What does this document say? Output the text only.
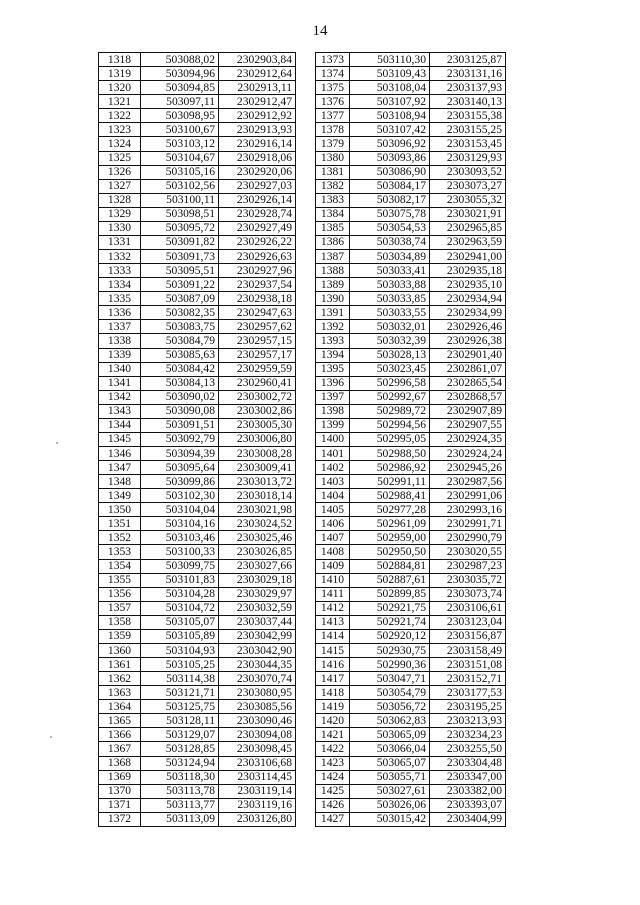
14
1318	503088,02	2302903,84
1319	503094,96	2302912,64
1320	503094,85	2302913,11
1321	503097,11	2302912,47
1322	503098,95	2302912,92
1323	503100,67	2302913,93
1324	503103,12	2302916,14
1325	503104,67	2302918,06
1326	503105,16	2302920,06
1327	503102,56	2302927,03
1328	503100,11	2302926,14
1329	503098,51	2302928,74
1330	503095,72	2302927,49
1331	503091,82	2302926,22
1332	503091,73	2302926,63
1333	503095,51	2302927,96
1334	503091,22	2302937,54
1335	503087,09	2302938,18
1336	503082,35	2302947,63
1337	503083,75	2302957,62
1338	503084,79	2302957,15
1339	503085,63	2302957,17
1340	503084,42	2302959,59
1341	503084,13	2302960,41
1342	503090,02	2303002,72
1343	503090,08	2303002,86
1344	503091,51	2303005,30
1345	503092,79	2303006,80
1346	503094,39	2303008,28
1347	503095,64	2303009,41
1348	503099,86	2303013,72
1349	503102,30	2303018,14
1350	503104,04	2303021,98
1351	503104,16	2303024,52
1352	503103,46	2303025,46
1353	503100,33	2303026,85
1354	503099,75	2303027,66
1355	503101,83	2303029,18
1356	503104,28	2303029,97
1357	503104,72	2303032,59
1358	503105,07	2303037,44
1359	503105,89	2303042,99
1360	503104,93	2303042,90
1361	503105,25	2303044,35
1362	503114,38	2303070,74
1363	503121,71	2303080,95
1364	503125,75	2303085,56
1365	503128,11	2303090,46
1366	503129,07	2303094,08
1367	503128,85	2303098,45
1368	503124,94	2303106,68
1369	503118,30	2303114,45
1370	503113,78	2303119,14
1371	503113,77	2303119,16
1372	503113,09	2303126,80
1373	503110,30	2303125,87
1374	503109,43	2303131,16
1375	503108,04	2303137,93
1376	503107,92	2303140,13
1377	503108,94	2303155,38
1378	503107,42	2303155,25
1379	503096,92	2303153,45
1380	503093,86	2303129,93
1381	503086,90	2303093,52
1382	503084,17	2303073,27
1383	503082,17	2303055,32
1384	503075,78	2303021,91
1385	503054,53	2302965,85
1386	503038,74	2302963,59
1387	503034,89	2302941,00
1388	503033,41	2302935,18
1389	503033,88	2302935,10
1390	503033,85	2302934,94
1391	503033,55	2302934,99
1392	503032,01	2302926,46
1393	503032,39	2302926,38
1394	503028,13	2302901,40
1395	503023,45	2302861,07
1396	502996,58	2302865,54
1397	502992,67	2302868,57
1398	502989,72	2302907,89
1399	502994,56	2302907,55
1400	502995,05	2302924,35
1401	502988,50	2302924,24
1402	502986,92	2302945,26
1403	502991,11	2302987,56
1404	502988,41	2302991,06
1405	502977,28	2302993,16
1406	502961,09	2302991,71
1407	502959,00	2302990,79
1408	502950,50	2303020,55
1409	502884,81	2302987,23
1410	502887,61	2303035,72
1411	502899,85	2303073,74
1412	502921,75	2303106,61
1413	502921,74	2303123,04
1414	502920,12	2303156,87
1415	502930,75	2303158,49
1416	502990,36	2303151,08
1417	503047,71	2303152,71
1418	503054,79	2303177,53
1419	503056,72	2303195,25
1420	503062,83	2303213,93
1421	503065,09	2303234,23
1422	503066,04	2303255,50
1423	503065,07	2303304,48
1424	503055,71	2303347,00
1425	503027,61	2303382,00
1426	503026,06	2303393,07
1427	503015,42	2303404,99
